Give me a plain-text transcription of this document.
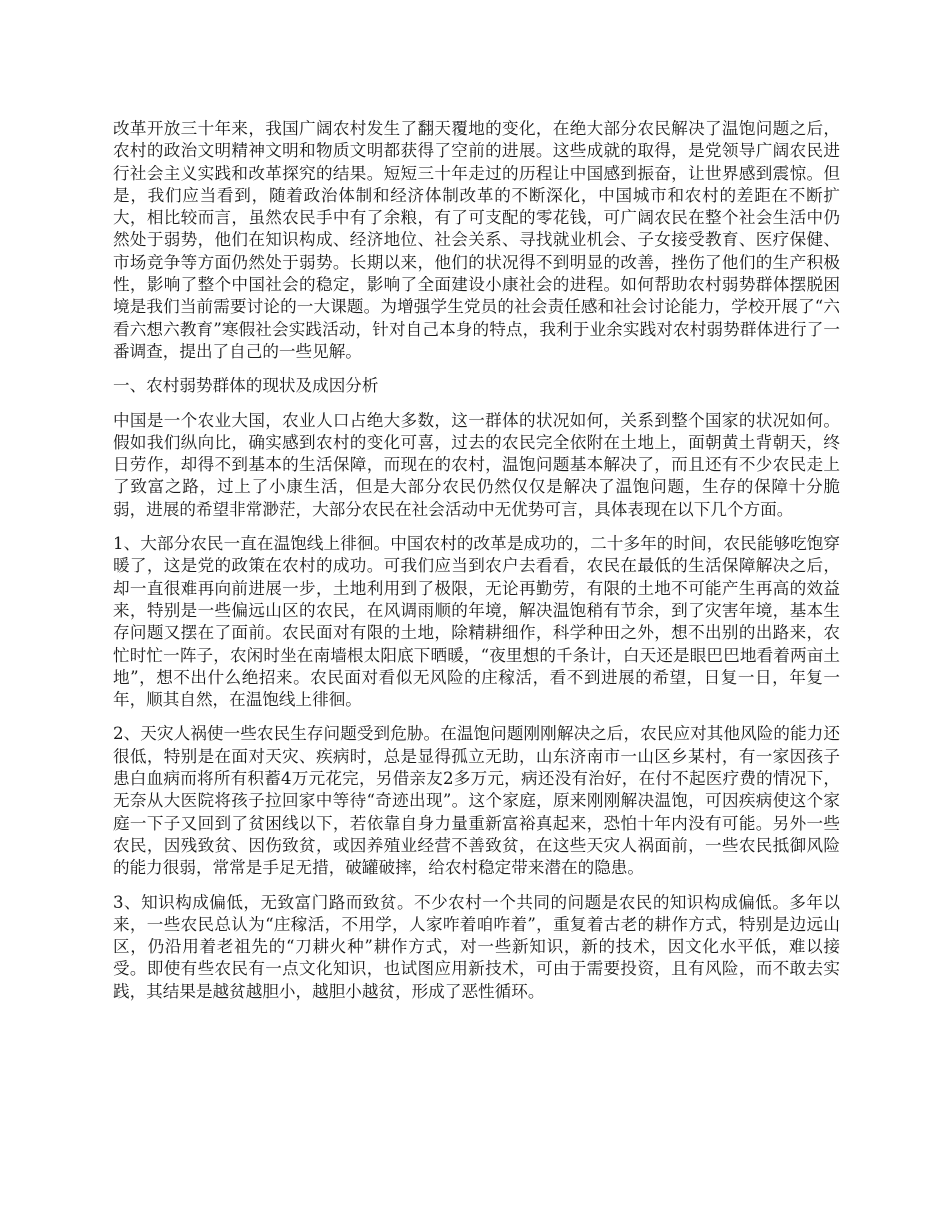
改革开放三十年来，我国广阔农村发生了翻天覆地的变化，在绝大部分农民解决了温饱问题之后，农村的政治文明精神文明和物质文明都获得了空前的进展。这些成就的取得，是党领导广阔农民进行社会主义实践和改革探究的结果。短短三十年走过的历程让中国感到振奋，让世界感到震惊。但是，我们应当看到，随着政治体制和经济体制改革的不断深化，中国城市和农村的差距在不断扩大，相比较而言，虽然农民手中有了余粮，有了可支配的零花钱，可广阔农民在整个社会生活中仍然处于弱势，他们在知识构成、经济地位、社会关系、寻找就业机会、子女接受教育、医疗保健、市场竞争等方面仍然处于弱势。长期以来，他们的状况得不到明显的改善，挫伤了他们的生产积极性，影响了整个中国社会的稳定，影响了全面建设小康社会的进程。如何帮助农村弱势群体摆脱困境是我们当前需要讨论的一大课题。为增强学生党员的社会责任感和社会讨论能力，学校开展了“六看六想六教育”寒假社会实践活动，针对自己本身的特点，我利于业余实践对农村弱势群体进行了一番调查，提出了自己的一些见解。

一、农村弱势群体的现状及成因分析

中国是一个农业大国，农业人口占绝大多数，这一群体的状况如何，关系到整个国家的状况如何。假如我们纵向比，确实感到农村的变化可喜，过去的农民完全依附在土地上，面朝黄土背朝天，终日劳作，却得不到基本的生活保障，而现在的农村，温饱问题基本解决了，而且还有不少农民走上了致富之路，过上了小康生活，但是大部分农民仍然仅仅是解决了温饱问题，生存的保障十分脆弱，进展的希望非常渺茫，大部分农民在社会活动中无优势可言，具体表现在以下几个方面。

1、大部分农民一直在温饱线上徘徊。中国农村的改革是成功的，二十多年的时间，农民能够吃饱穿暖了，这是党的政策在农村的成功。可我们应当到农户去看看，农民在最低的生活保障解决之后，却一直很难再向前进展一步，土地利用到了极限，无论再勤劳，有限的土地不可能产生再高的效益来，特别是一些偏远山区的农民，在风调雨顺的年境，解决温饱稍有节余，到了灾害年境，基本生存问题又摆在了面前。农民面对有限的土地，除精耕细作，科学种田之外，想不出别的出路来，农忙时忙一阵子，农闲时坐在南墙根太阳底下晒暖，“夜里想的千条计，白天还是眼巴巴地看着两亩土地”，想不出什么绝招来。农民面对看似无风险的庄稼活，看不到进展的希望，日复一日，年复一年，顺其自然，在温饱线上徘徊。

2、天灾人祸使一些农民生存问题受到危胁。在温饱问题刚刚解决之后，农民应对其他风险的能力还很低，特别是在面对天灾、疾病时，总是显得孤立无助，山东济南市一山区乡某村，有一家因孩子患白血病而将所有积蓄4万元花完，另借亲友2多万元，病还没有治好，在付不起医疗费的情况下，无奈从大医院将孩子拉回家中等待“奇迹出现”。这个家庭，原来刚刚解决温饱，可因疾病使这个家庭一下子又回到了贫困线以下，若依靠自身力量重新富裕真起来，恐怕十年内没有可能。另外一些农民，因残致贫、因伤致贫，或因养殖业经营不善致贫，在这些天灾人祸面前，一些农民抵御风险的能力很弱，常常是手足无措，破罐破摔，给农村稳定带来潜在的隐患。

3、知识构成偏低，无致富门路而致贫。不少农村一个共同的问题是农民的知识构成偏低。多年以来，一些农民总认为“庄稼活，不用学，人家咋着咱咋着”，重复着古老的耕作方式，特别是边远山区，仍沿用着老祖先的“刀耕火种”耕作方式，对一些新知识，新的技术，因文化水平低，难以接受。即使有些农民有一点文化知识，也试图应用新技术，可由于需要投资，且有风险，而不敢去实践，其结果是越贫越胆小，越胆小越贫，形成了恶性循环。
